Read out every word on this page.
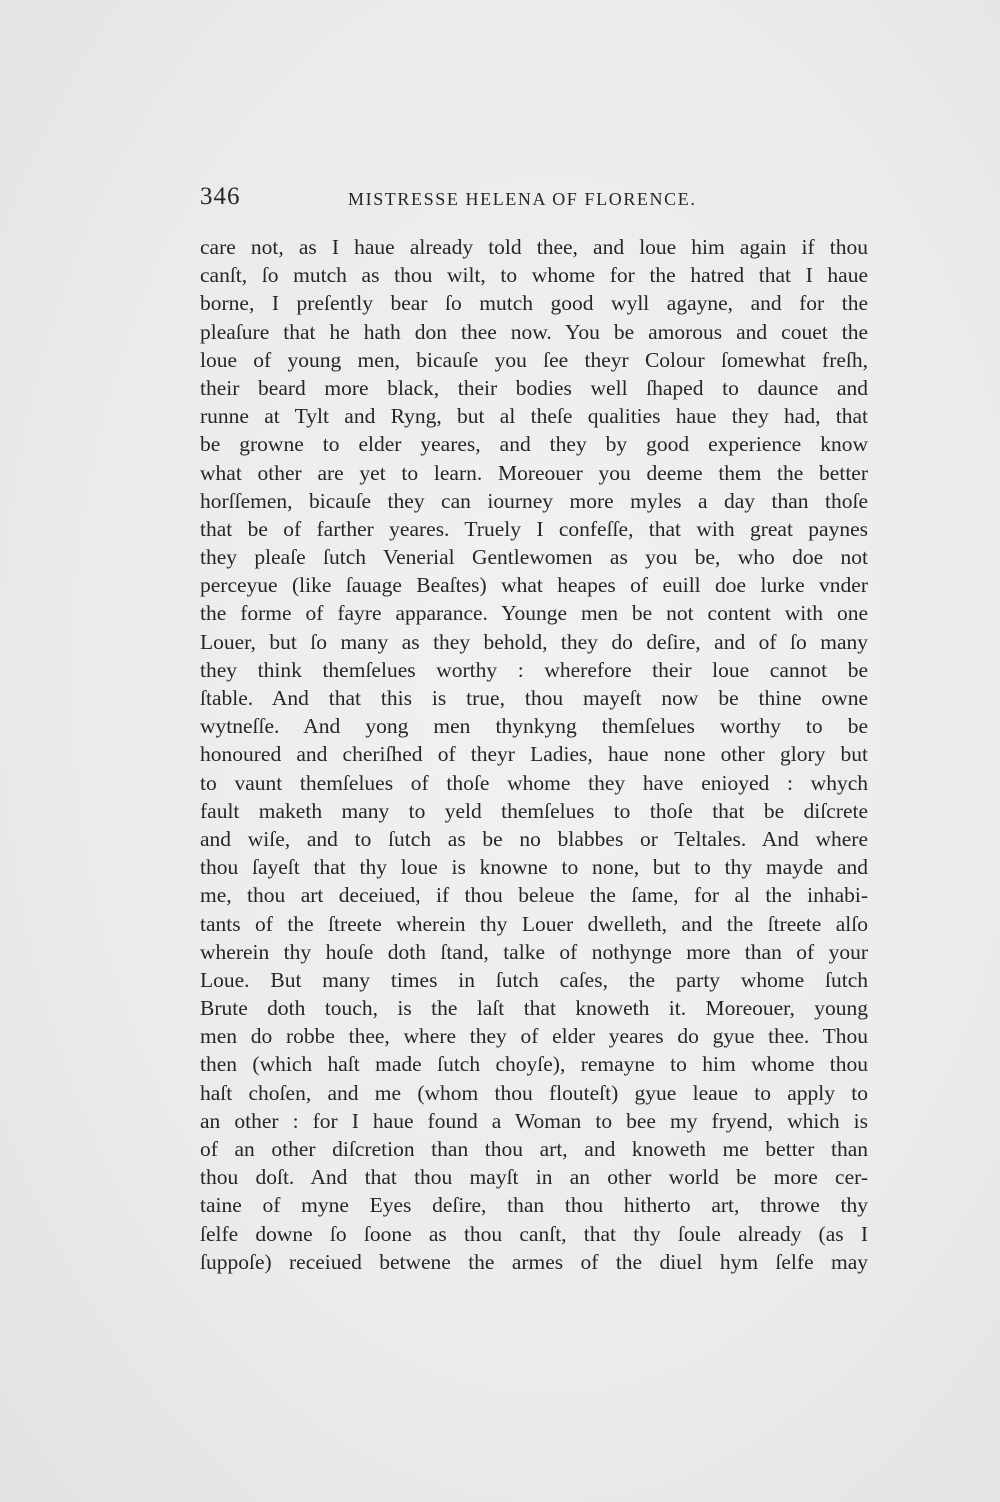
346	MISTRESSE HELENA OF FLORENCE.
care not, as I haue already told thee, and loue him again if thou
canſt, ſo mutch as thou wilt, to whome for the hatred that I haue
borne, I preſently bear ſo mutch good wyll agayne, and for the
pleaſure that he hath don thee now. You be amorous and couet the
loue of young men, bicauſe you ſee theyr Colour ſomewhat freſh,
their beard more black, their bodies well ſhaped to daunce and
runne at Tylt and Ryng, but al theſe qualities haue they had, that
be growne to elder yeares, and they by good experience know
what other are yet to learn. Moreouer you deeme them the better
horſſemen, bicauſe they can iourney more myles a day than thoſe
that be of farther yeares. Truely I confeſſe, that with great paynes
they pleaſe ſutch Venerial Gentlewomen as you be, who doe not
perceyue (like ſauage Beaſtes) what heapes of euill doe lurke vnder
the forme of fayre apparance. Younge men be not content with one
Louer, but ſo many as they behold, they do deſire, and of ſo many
they think themſelues worthy : wherefore their loue cannot be
ſtable. And that this is true, thou mayeſt now be thine owne
wytneſſe. And yong men thynkyng themſelues worthy to be
honoured and cheriſhed of theyr Ladies, haue none other glory but
to vaunt themſelues of thoſe whome they have enioyed : whych
fault maketh many to yeld themſelues to thoſe that be diſcrete
and wiſe, and to ſutch as be no blabbes or Teltales. And where
thou ſayeſt that thy loue is knowne to none, but to thy mayde and
me, thou art deceiued, if thou beleue the ſame, for al the inhabi-
tants of the ſtreete wherein thy Louer dwelleth, and the ſtreete alſo
wherein thy houſe doth ſtand, talke of nothynge more than of your
Loue. But many times in ſutch caſes, the party whome ſutch
Brute doth touch, is the laſt that knoweth it. Moreouer, young
men do robbe thee, where they of elder yeares do gyue thee. Thou
then (which haſt made ſutch choyſe), remayne to him whome thou
haſt choſen, and me (whom thou flouteſt) gyue leaue to apply to
an other : for I haue found a Woman to bee my fryend, which is
of an other diſcretion than thou art, and knoweth me better than
thou doſt. And that thou mayſt in an other world be more cer-
taine of myne Eyes deſire, than thou hitherto art, throwe thy
ſelfe downe ſo ſoone as thou canſt, that thy ſoule already (as I
ſuppoſe) receiued betwene the armes of the diuel hym ſelfe may
